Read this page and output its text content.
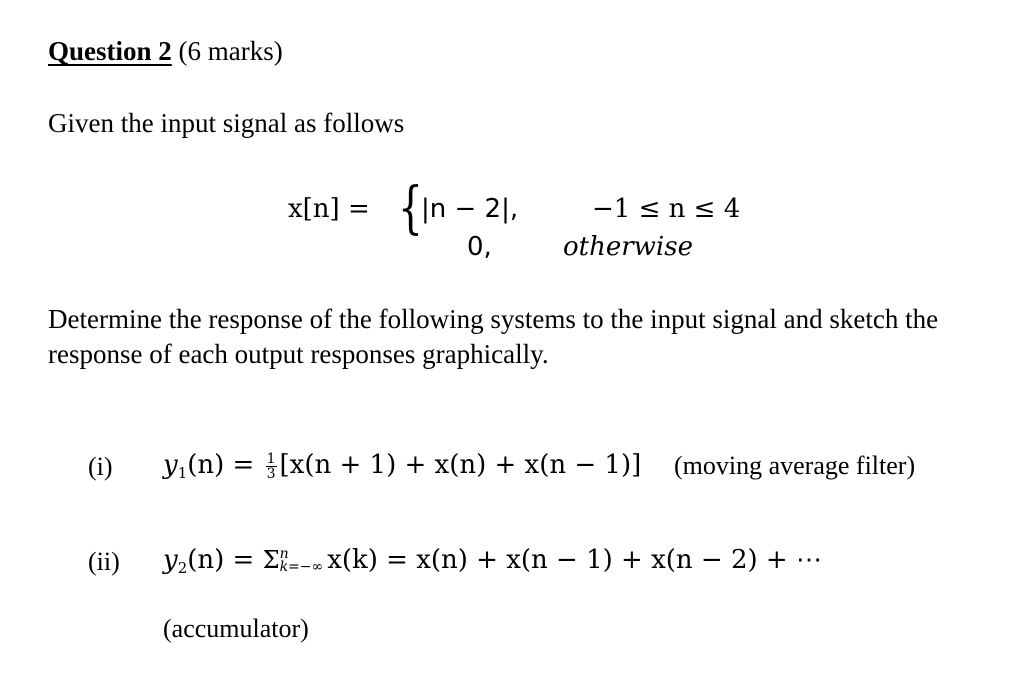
Question 2 (6 marks)
Given the input signal as follows
x[n] = {
|n − 2|,	−1 ≤ n ≤ 4
0,	otherwise
Determine the response of the following systems to the input signal and sketch the response of each output responses graphically.
(i) $y_1(n) = \frac{1}{3} [x(n + 1) + x(n) + x(n - 1)]$ (moving average filter)
(ii) $y_2(n) = \Sigma$ n
k=−∞ x(k) = x(n) + x(n − 1) + x(n − 2) + ⋯
(accumulator)
